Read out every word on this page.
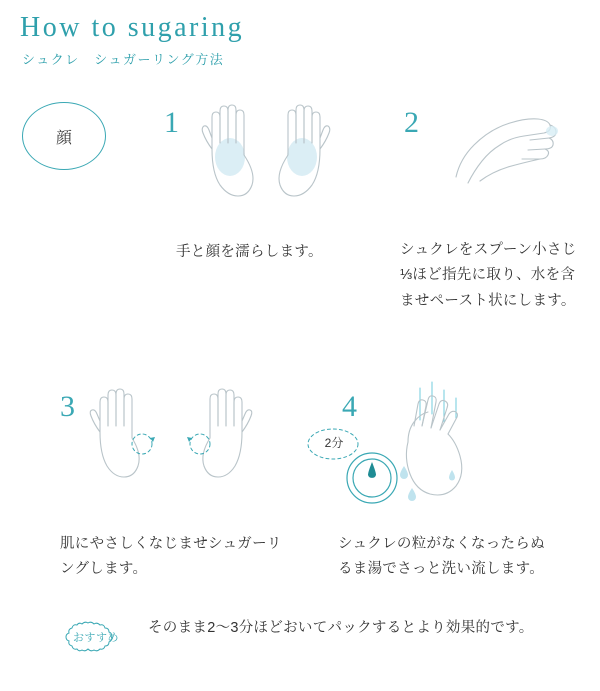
How to sugaring
シュクレ　シュガーリング方法
顔	1	2
3	4
2分
手と顔を濡らします。	シュクレをスプーン小さじ⅓ほど指先に取り、水を含ませペースト状にします。
肌にやさしくなじませシュガーリングします。
シュクレの粒がなくなったらぬるま湯でさっと洗い流します。
おすすめ
そのまま2〜3分ほどおいてパックするとより効果的です。
